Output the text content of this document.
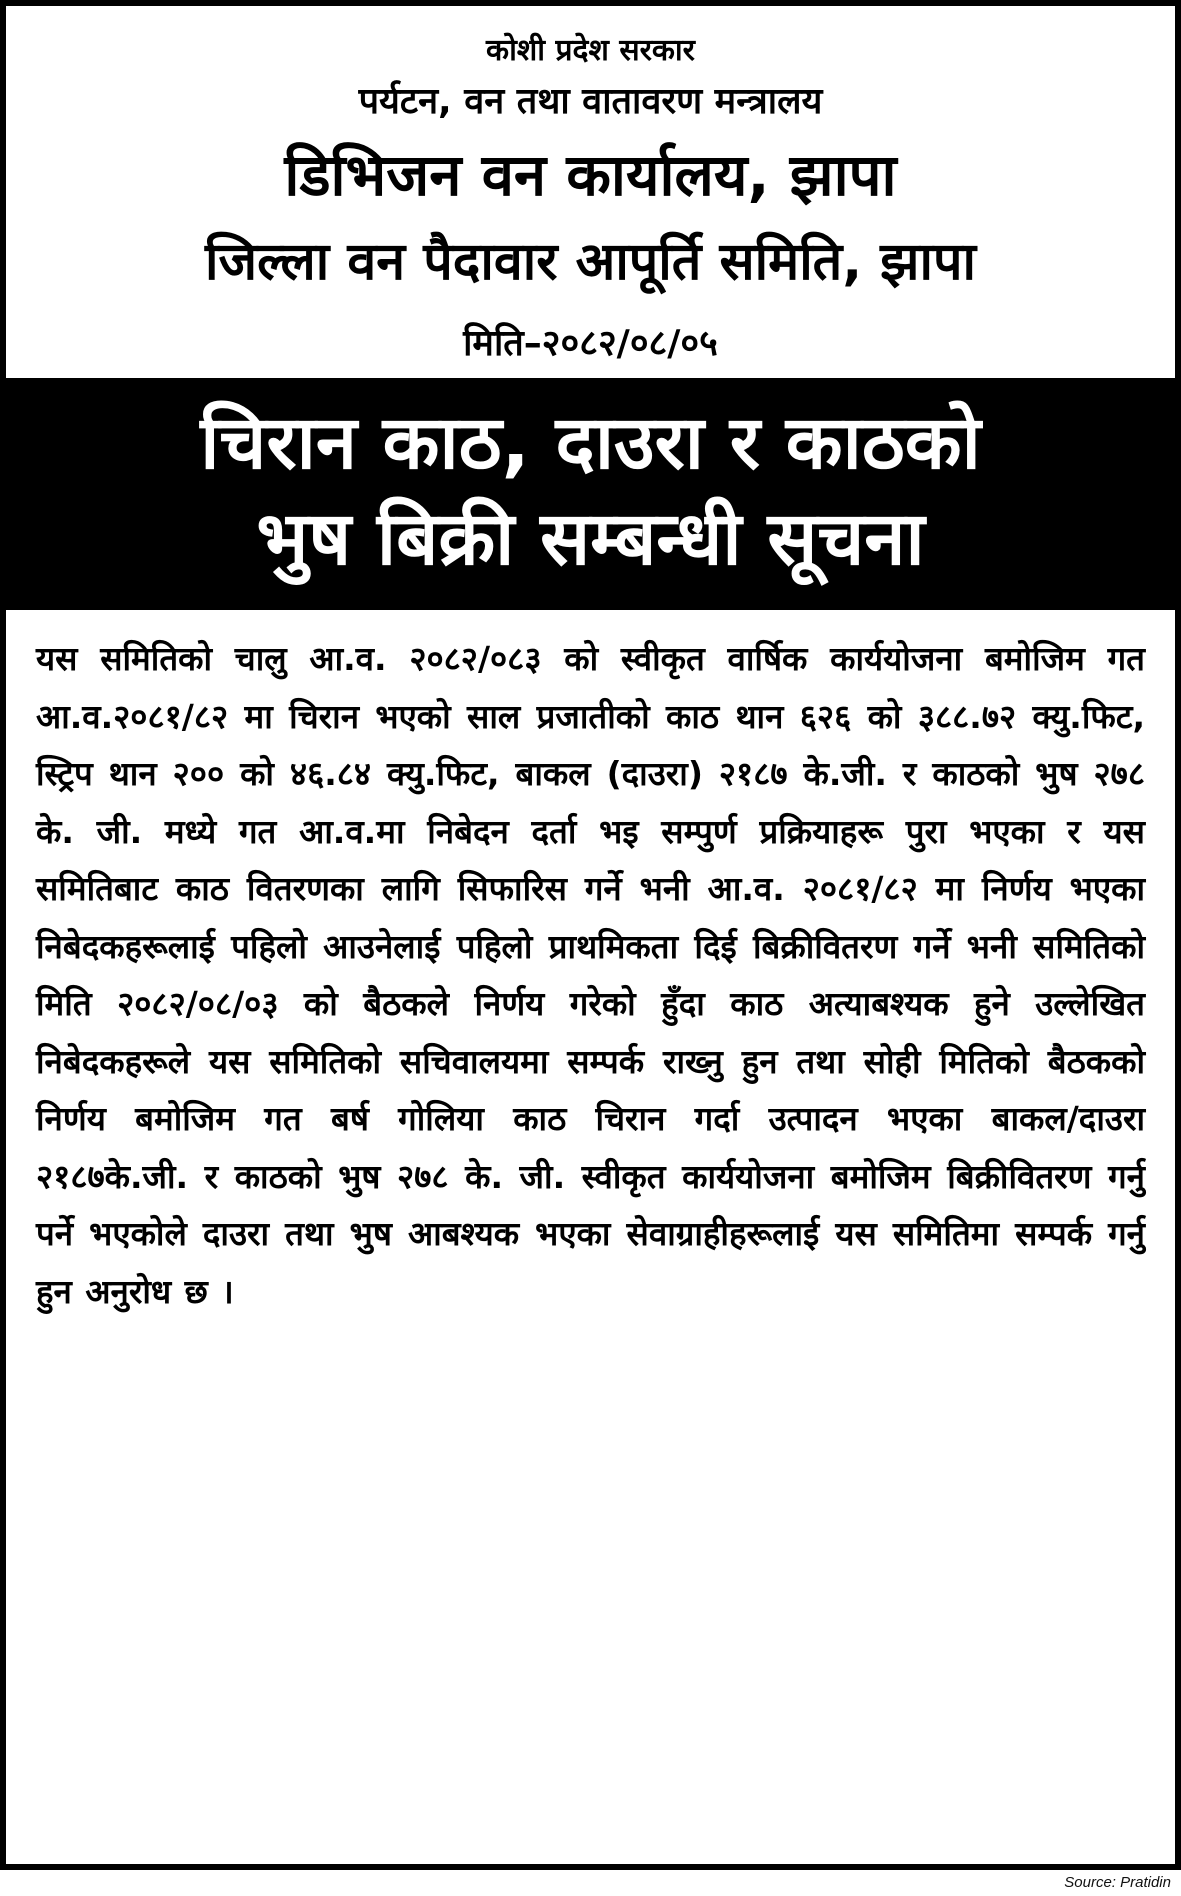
कोशी प्रदेश सरकार
पर्यटन, वन तथा वातावरण मन्त्रालय
डिभिजन वन कार्यालय, झापा
जिल्ला वन पैदावार आपूर्ति समिति, झापा
मिति–२०८२/०८/०५
चिरान काठ, दाउरा र काठको
भुष बिक्री सम्बन्धी सूचना
यस समितिको चालु आ.व. २०८२/०८३ को स्वीकृत वार्षिक कार्ययोजना बमोजिम गत आ.व.२०८१/८२ मा चिरान भएको साल प्रजातीको काठ थान ६२६ को ३८८.७२ क्यु.फिट, स्ट्रिप थान २०० को ४६.८४ क्यु.फिट, बाकल (दाउरा) २१८७ के.जी. र काठको भुष २७८ के. जी. मध्ये गत आ.व.मा निबेदन दर्ता भइ सम्पुर्ण प्रक्रियाहरू पुरा भएका र यस समितिबाट काठ वितरणका लागि सिफारिस गर्ने भनी आ.व. २०८१/८२ मा निर्णय भएका निबेदकहरूलाई पहिलो आउनेलाई पहिलो प्राथमिकता दिई बिक्रीवितरण गर्ने भनी समितिको मिति २०८२/०८/०३ को बैठकले निर्णय गरेको हुँदा काठ अत्याबश्यक हुने उल्लेखित निबेदकहरूले यस समितिको सचिवालयमा सम्पर्क राख्नु हुन तथा सोही मितिको बैठकको निर्णय बमोजिम गत बर्ष गोलिया काठ चिरान गर्दा उत्पादन भएका बाकल/दाउरा २१८७के.जी. र काठको भुष २७८ के. जी. स्वीकृत कार्ययोजना बमोजिम बिक्रीवितरण गर्नु पर्ने भएकोले दाउरा तथा भुष आबश्यक भएका सेवाग्राहीहरूलाई यस समितिमा सम्पर्क गर्नु हुन अनुरोध छ ।
Source: Pratidin
